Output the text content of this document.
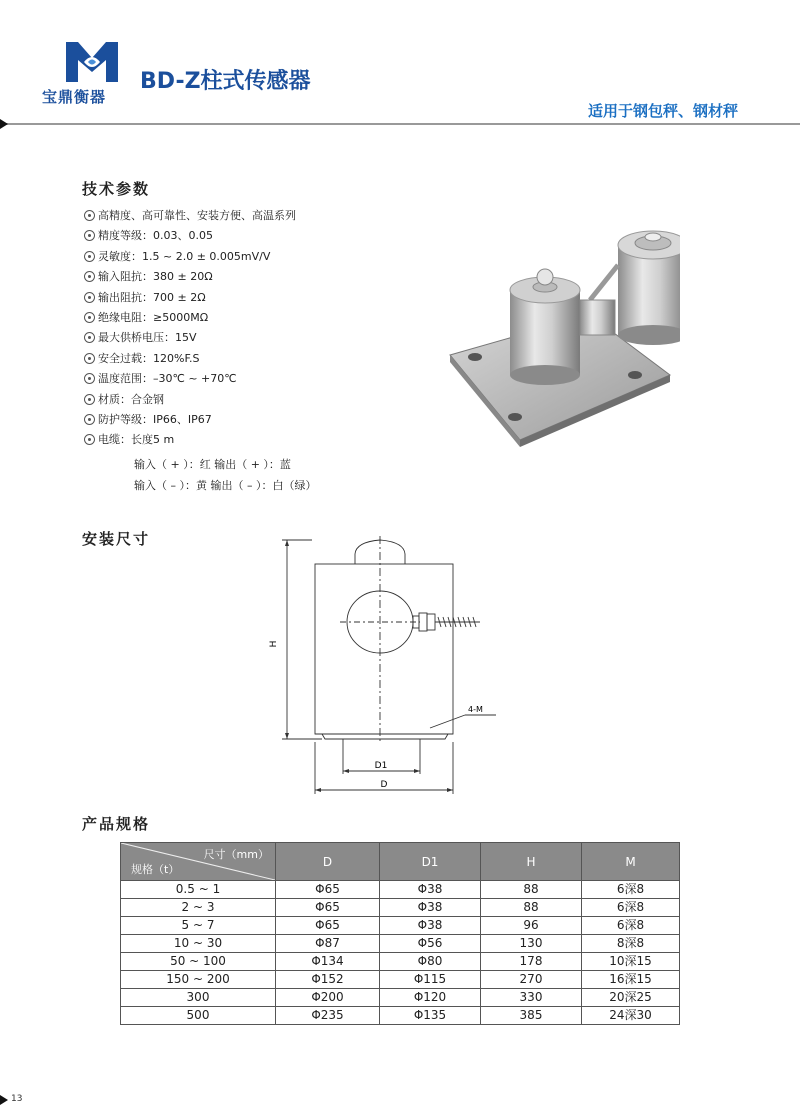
宝鼎衡器
BD-Z柱式传感器
适用于钢包秤、钢材秤
技术参数
高精度、高可靠性、安装方便、高温系列
精度等级：0.03、0.05
灵敏度：1.5 ~ 2.0 ± 0.005mV/V
输入阻抗：380 ± 20Ω
输出阻抗：700 ± 2Ω
绝缘电阻：≥5000MΩ
最大供桥电压：15V
安全过载：120%F.S
温度范围：–30℃ ~ +70℃
材质：合金钢
防护等级：IP66、IP67
电缆：长度5 m
输入（ + ）：红 输出（ + ）：蓝
输入（ – ）：黄 输出（ – ）：白（绿）
安装尺寸
H
4-M
D1
D
产品规格
尺寸（mm）
规格（t）	D	D1	H	M
0.5 ~ 1	Φ65	Φ38	88	6深8
2 ~ 3	Φ65	Φ38	88	6深8
5 ~ 7	Φ65	Φ38	96	6深8
10 ~ 30	Φ87	Φ56	130	8深8
50 ~ 100	Φ134	Φ80	178	10深15
150 ~ 200	Φ152	Φ115	270	16深15
300	Φ200	Φ120	330	20深25
500	Φ235	Φ135	385	24深30
13
